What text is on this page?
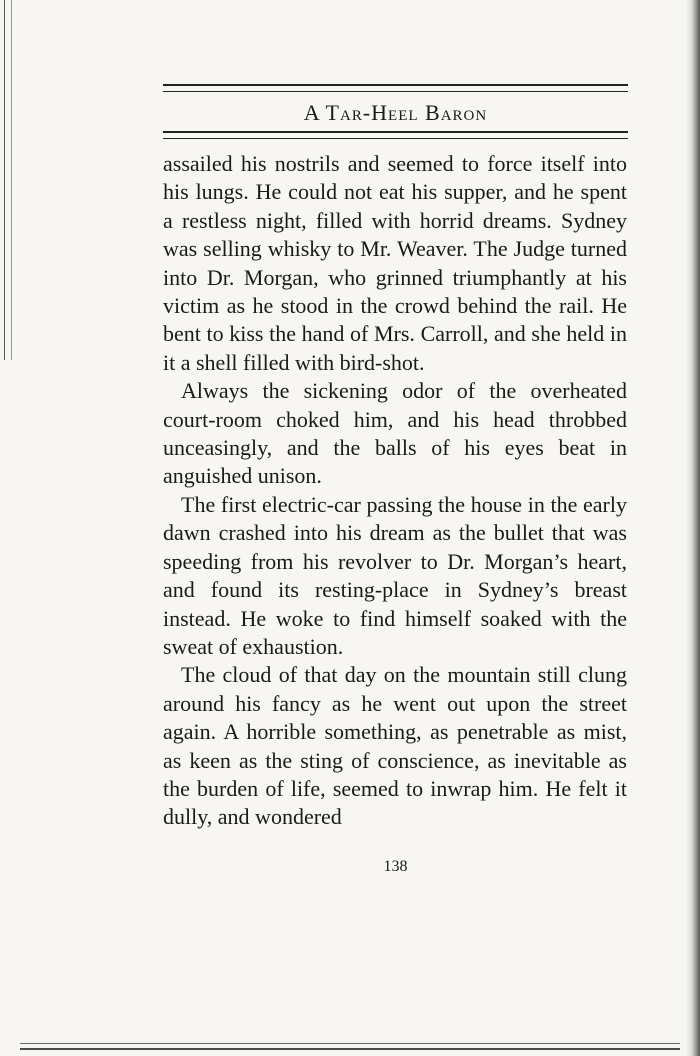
A Tar-Heel Baron

assailed his nostrils and seemed to force itself into his lungs. He could not eat his supper, and he spent a restless night, filled with horrid dreams. Sydney was selling whisky to Mr. Weaver. The Judge turned into Dr. Morgan, who grinned triumphantly at his victim as he stood in the crowd behind the rail. He bent to kiss the hand of Mrs. Carroll, and she held in it a shell filled with bird-shot.

Always the sickening odor of the overheated court-room choked him, and his head throbbed unceasingly, and the balls of his eyes beat in anguished unison.

The first electric-car passing the house in the early dawn crashed into his dream as the bullet that was speeding from his revolver to Dr. Morgan’s heart, and found its resting-place in Sydney’s breast instead. He woke to find himself soaked with the sweat of exhaustion.

The cloud of that day on the mountain still clung around his fancy as he went out upon the street again. A horrible something, as penetrable as mist, as keen as the sting of conscience, as inevitable as the burden of life, seemed to inwrap him. He felt it dully, and wondered

138
